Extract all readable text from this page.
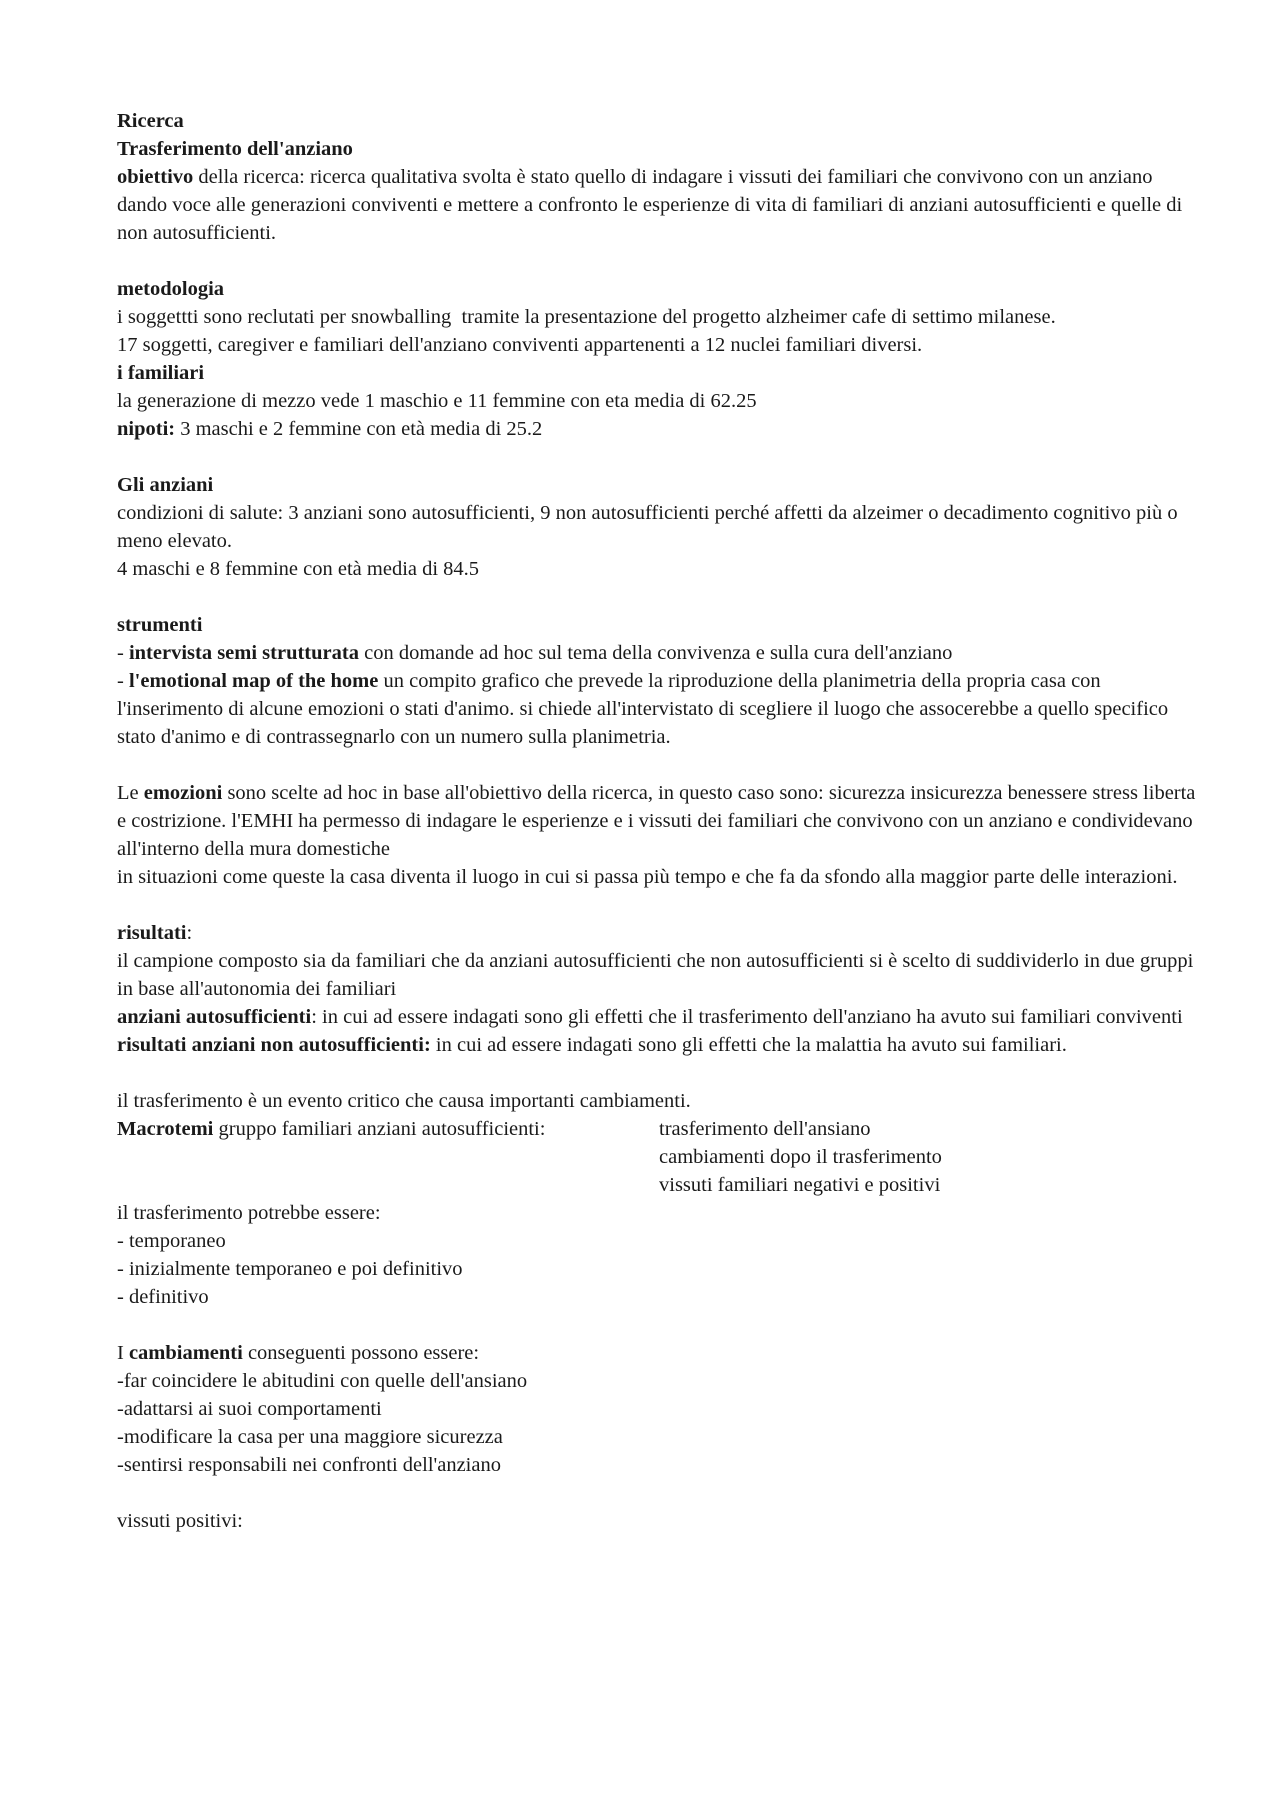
Ricerca
Trasferimento dell'anziano
obiettivo della ricerca: ricerca qualitativa svolta è stato quello di indagare i vissuti dei familiari che convivono con un anziano dando voce alle generazioni conviventi e mettere a confronto le esperienze di vita di familiari di anziani autosufficienti e quelle di non autosufficienti.
metodologia
i soggettti sono reclutati per snowballing  tramite la presentazione del progetto alzheimer cafe di settimo milanese.
17 soggetti, caregiver e familiari dell'anziano conviventi appartenenti a 12 nuclei familiari diversi.
i familiari
la generazione di mezzo vede 1 maschio e 11 femmine con eta media di 62.25
nipoti: 3 maschi e 2 femmine con età media di 25.2
Gli anziani
condizioni di salute: 3 anziani sono autosufficienti, 9 non autosufficienti perché affetti da alzeimer o decadimento cognitivo più o meno elevato.
4 maschi e 8 femmine con età media di 84.5
strumenti
- intervista semi strutturata con domande ad hoc sul tema della convivenza e sulla cura dell'anziano
- l'emotional map of the home un compito grafico che prevede la riproduzione della planimetria della propria casa con l'inserimento di alcune emozioni o stati d'animo. si chiede all'intervistato di scegliere il luogo che assocerebbe a quello specifico stato d'animo e di contrassegnarlo con un numero sulla planimetria.
Le emozioni sono scelte ad hoc in base all'obiettivo della ricerca, in questo caso sono: sicurezza insicurezza benessere stress liberta e costrizione. l'EMHI ha permesso di indagare le esperienze e i vissuti dei familiari che convivono con un anziano e condividevano all'interno della mura domestiche
in situazioni come queste la casa diventa il luogo in cui si passa più tempo e che fa da sfondo alla maggior parte delle interazioni.
risultati:
il campione composto sia da familiari che da anziani autosufficienti che non autosufficienti si è scelto di suddividerlo in due gruppi in base all'autonomia dei familiari
anziani autosufficienti: in cui ad essere indagati sono gli effetti che il trasferimento dell'anziano ha avuto sui familiari conviventi
risultati anziani non autosufficienti: in cui ad essere indagati sono gli effetti che la malattia ha avuto sui familiari.
il trasferimento è un evento critico che causa importanti cambiamenti.
Macrotemi gruppo familiari anziani autosufficienti:	trasferimento dell'ansiano
cambiamenti dopo il trasferimento
vissuti familiari negativi e positivi
il trasferimento potrebbe essere:
- temporaneo
- inizialmente temporaneo e poi definitivo
- definitivo
I cambiamenti conseguenti possono essere:
-far coincidere le abitudini con quelle dell'ansiano
-adattarsi ai suoi comportamenti
-modificare la casa per una maggiore sicurezza
-sentirsi responsabili nei confronti dell'anziano
vissuti positivi:
